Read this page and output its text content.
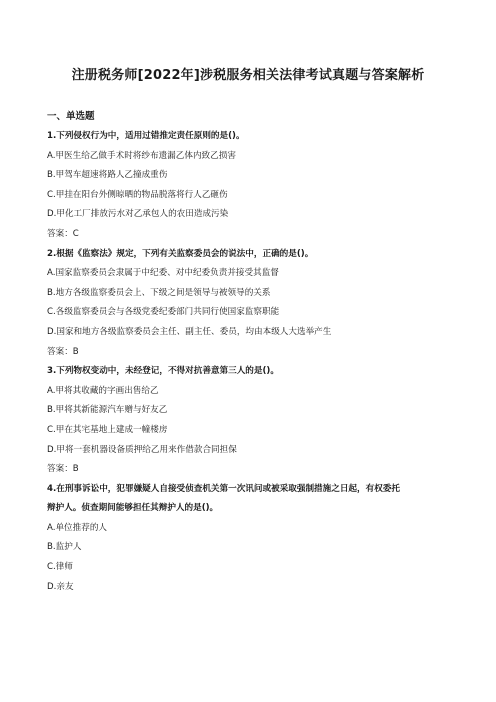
注册税务师[2022年]涉税服务相关法律考试真题与答案解析
一、单选题
1.下列侵权行为中，适用过错推定责任原则的是()。
A.甲医生给乙做手术时将纱布遗漏乙体内致乙损害
B.甲驾车超速将路人乙撞成重伤
C.甲挂在阳台外侧晾晒的物品脱落将行人乙砸伤
D.甲化工厂排放污水对乙承包人的农田造成污染
答案：C
2.根据《监察法》规定，下列有关监察委员会的说法中，正确的是()。
A.国家监察委员会隶属于中纪委、对中纪委负责并接受其监督
B.地方各级监察委员会上、下级之间是领导与被领导的关系
C.各级监察委员会与各级党委纪委部门共同行使国家监察职能
D.国家和地方各级监察委员会主任、副主任、委员，均由本级人大选举产生
答案：B
3.下列物权变动中，未经登记，不得对抗善意第三人的是()。
A.甲将其收藏的字画出售给乙
B.甲将其新能源汽车赠与好友乙
C.甲在其宅基地上建成一幢楼房
D.甲将一套机器设备质押给乙用来作借款合同担保
答案：B
4.在刑事诉讼中，犯罪嫌疑人自接受侦查机关第一次讯问或被采取强制措施之日起，有权委托
辩护人。侦查期间能够担任其辩护人的是()。
A.单位推荐的人
B.监护人
C.律师
D.亲友
